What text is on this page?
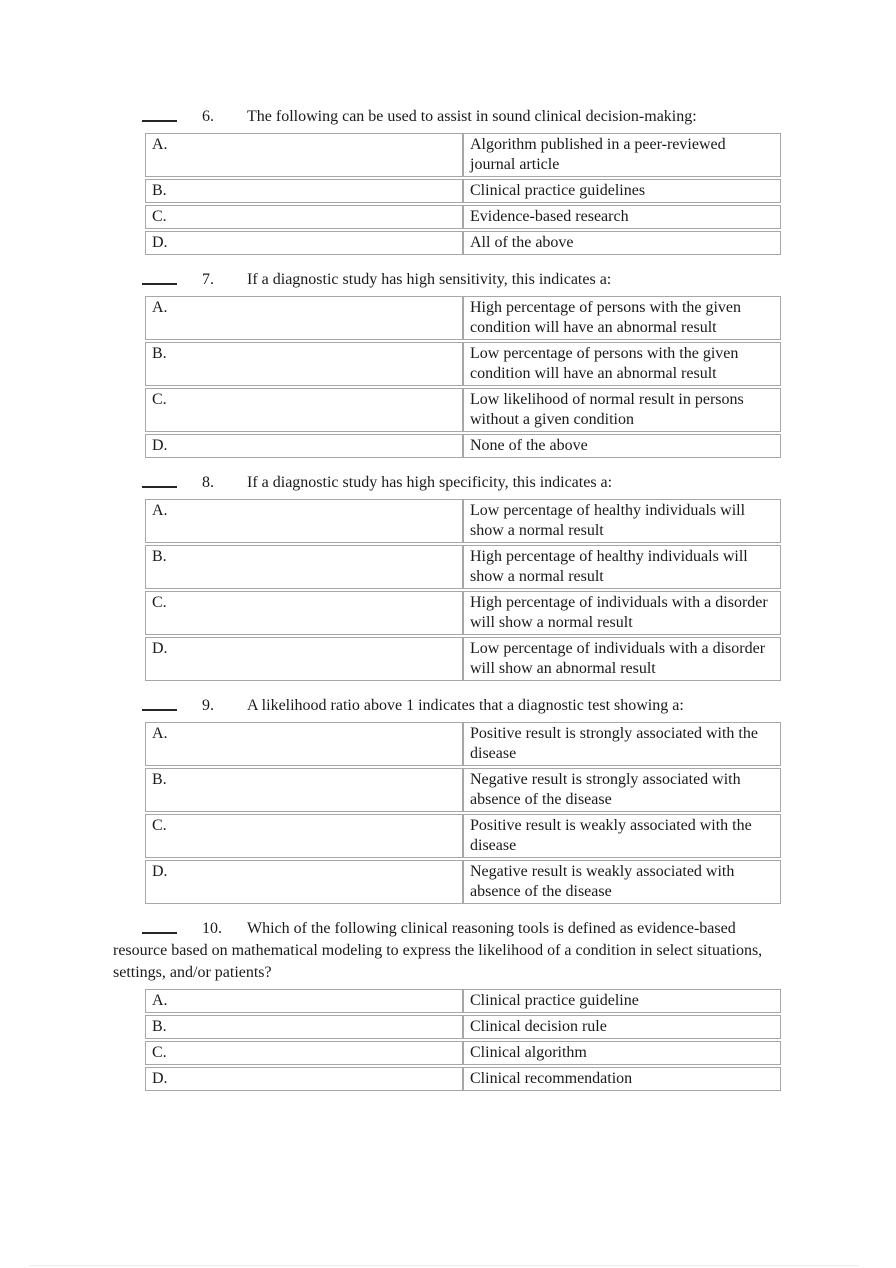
6. The following can be used to assist in sound clinical decision-making:

A.	Algorithm published in a peer-reviewed journal article
B.	Clinical practice guidelines
C.	Evidence-based research
D.	All of the above

7. If a diagnostic study has high sensitivity, this indicates a:

A.	High percentage of persons with the given condition will have an abnormal result
B.	Low percentage of persons with the given condition will have an abnormal result
C.	Low likelihood of normal result in persons without a given condition
D.	None of the above

8. If a diagnostic study has high specificity, this indicates a:

A.	Low percentage of healthy individuals will show a normal result
B.	High percentage of healthy individuals will show a normal result
C.	High percentage of individuals with a disorder will show a normal result
D.	Low percentage of individuals with a disorder will show an abnormal result

9. A likelihood ratio above 1 indicates that a diagnostic test showing a:

A.	Positive result is strongly associated with the disease
B.	Negative result is strongly associated with absence of the disease
C.	Positive result is weakly associated with the disease
D.	Negative result is weakly associated with absence of the disease

10. Which of the following clinical reasoning tools is defined as evidence-based resource based on mathematical modeling to express the likelihood of a condition in select situations, settings, and/or patients?

A.	Clinical practice guideline
B.	Clinical decision rule
C.	Clinical algorithm
D.	Clinical recommendation
